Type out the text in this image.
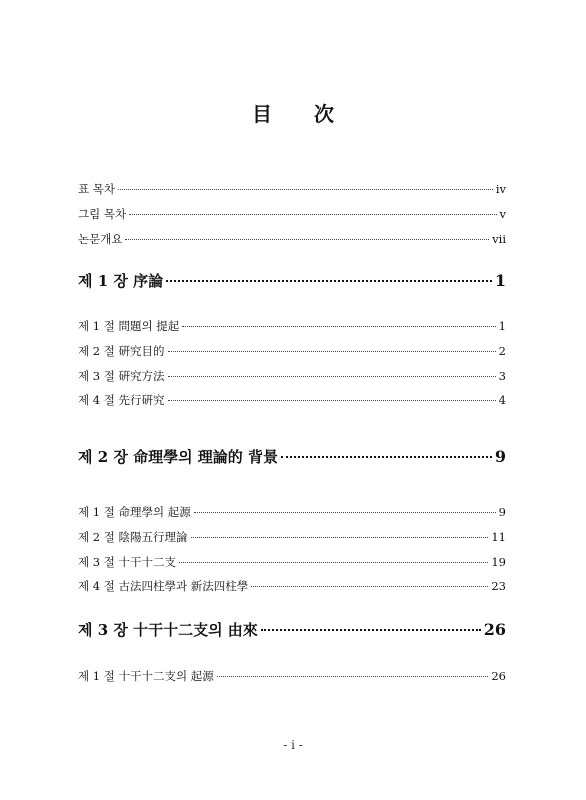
目 次
표 목차	iv
그림 목차	v
논문개요	vii
제 1 장 序論	1
제 1 절 問題의 提起	1
제 2 절 硏究目的	2
제 3 절 硏究方法	3
제 4 절 先行硏究	4
제 2 장 命理學의 理論的 背景	9
제 1 절 命理學의 起源	9
제 2 절 陰陽五行理論	11
제 3 절 十干十二支	19
제 4 절 古法四柱學과 新法四柱學	23
제 3 장 十干十二支의 由來	26
제 1 절 十干十二支의 起源	26
- i -
